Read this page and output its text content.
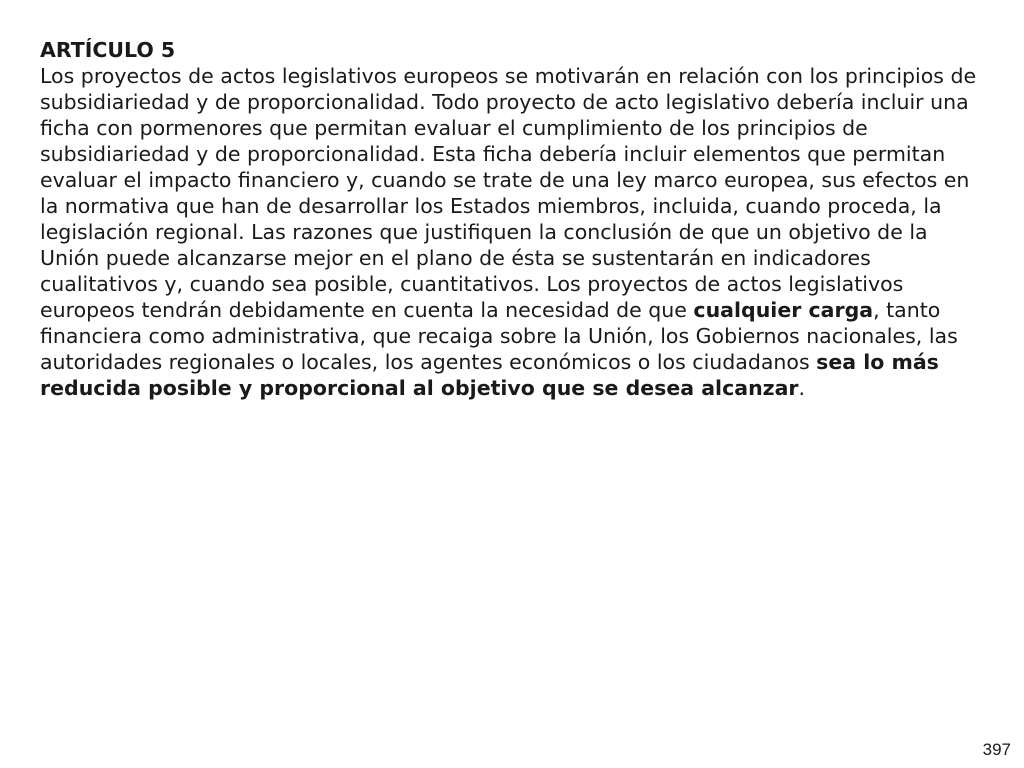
ARTÍCULO 5

Los proyectos de actos legislativos europeos se motivarán en relación con los principios de subsidiariedad y de proporcionalidad. Todo proyecto de acto legislativo debería incluir una ficha con pormenores que permitan evaluar el cumplimiento de los principios de subsidiariedad y de proporcionalidad. Esta ficha debería incluir elementos que permitan evaluar el impacto financiero y, cuando se trate de una ley marco europea, sus efectos en la normativa que han de desarrollar los Estados miembros, incluida, cuando proceda, la legislación regional. Las razones que justifiquen la conclusión de que un objetivo de la Unión puede alcanzarse mejor en el plano de ésta se sustentarán en indicadores cualitativos y, cuando sea posible, cuantitativos. Los proyectos de actos legislativos europeos tendrán debidamente en cuenta la necesidad de que cualquier carga, tanto financiera como administrativa, que recaiga sobre la Unión, los Gobiernos nacionales, las autoridades regionales o locales, los agentes económicos o los ciudadanos sea lo más reducida posible y proporcional al objetivo que se desea alcanzar.

397
